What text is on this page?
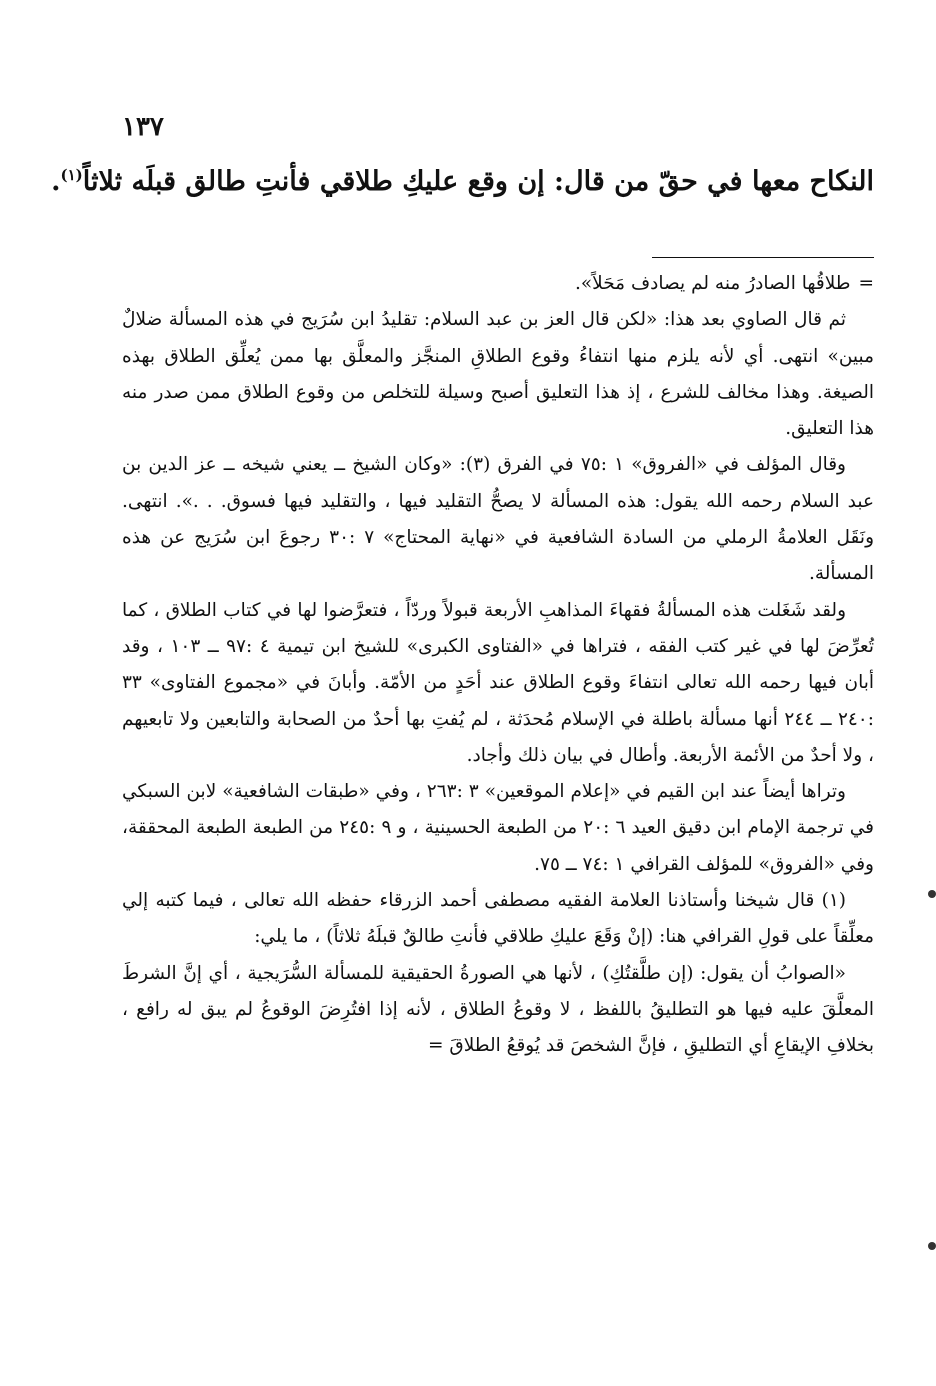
١٣٧
النكاح معها في حقّ من قال: إن وقع عليكِ طلاقي فأنتِ طالق قبلَه ثلاثاً$^{(١)}$.

=طلاقُها الصادرُ منه لم يصادف مَحَلاً».

ثم قال الصاوي بعد هذا: «لكن قال العز بن عبد السلام: تقليدُ ابن سُرَيج في هذه المسألة ضلالٌ مبين» انتهى. أي لأنه يلزم منها انتفاءُ وقوع الطلاقِ المنجَّز والمعلَّق بها ممن يُعلِّق الطلاق بهذه الصيغة. وهذا مخالف للشرع ، إذ هذا التعليق أصبح وسيلة للتخلص من وقوع الطلاق ممن صدر منه هذا التعليق.

وقال المؤلف في «الفروق» ١ :٧٥ في الفرق (٣): «وكان الشيخ ــ يعني شيخه ــ عز الدين بن عبد السلام رحمه الله يقول: هذه المسألة لا يصحُّ التقليد فيها ، والتقليد فيها فسوق. . .». انتهى. ونَقَل العلامةُ الرملي من السادة الشافعية في «نهاية المحتاج» ٧ :٣٠ رجوعَ ابن سُرَيج عن هذه المسألة.

ولقد شَغَلت هذه المسألةُ فقهاءَ المذاهبِ الأربعة قبولاً وردّاً ، فتعرَّضوا لها في كتاب الطلاق ، كما تُعرِّضَ لها في غير كتب الفقه ، فتراها في «الفتاوى الكبرى» للشيخ ابن تيمية ٤ :٩٧ ــ ١٠٣ ، وقد أبان فيها رحمه الله تعالى انتفاءَ وقوع الطلاق عند أحَدٍ من الأمّة. وأبانَ في «مجموع الفتاوى» ٣٣ :٢٤٠ ــ ٢٤٤ أنها مسألة باطلة في الإسلام مُحدَثة ، لم يُفتِ بها أحدٌ من الصحابة والتابعين ولا تابعيهم ، ولا أحدٌ من الأئمة الأربعة. وأطال في بيان ذلك وأجاد.

وتراها أيضاً عند ابن القيم في «إعلام الموقعين» ٣ :٢٦٣ ، وفي «طبقات الشافعية» لابن السبكي في ترجمة الإمام ابن دقيق العيد ٦ :٢٠ من الطبعة الحسينية ، و ٩ :٢٤٥ من الطبعة الطبعة المحققة، وفي «الفروق» للمؤلف القرافي ١ :٧٤ ــ ٧٥.

(١) قال شيخنا وأستاذنا العلامة الفقيه مصطفى أحمد الزرقاء حفظه الله تعالى ، فيما كتبه إلي معلِّقاً على قولِ القرافي هنا: (إنْ وَقَعَ عليكِ طلاقي فأنتِ طالقٌ قبلَهُ ثلاثاً) ، ما يلي:

«الصوابُ أن يقول: (إن طلَّقتُكِ) ، لأنها هي الصورةُ الحقيقية للمسألة السُّرَيجية ، أي إنَّ الشرطَ المعلَّقَ عليه فيها هو التطليقُ باللفظ ، لا وقوعُ الطلاق ، لأنه إذا افتُرِضَ الوقوعُ لم يبق له رافع ، بخلافِ الإيقاعِ أي التطليقِ ، فإنَّ الشخصَ قد يُوقعُ الطلاقَ =
